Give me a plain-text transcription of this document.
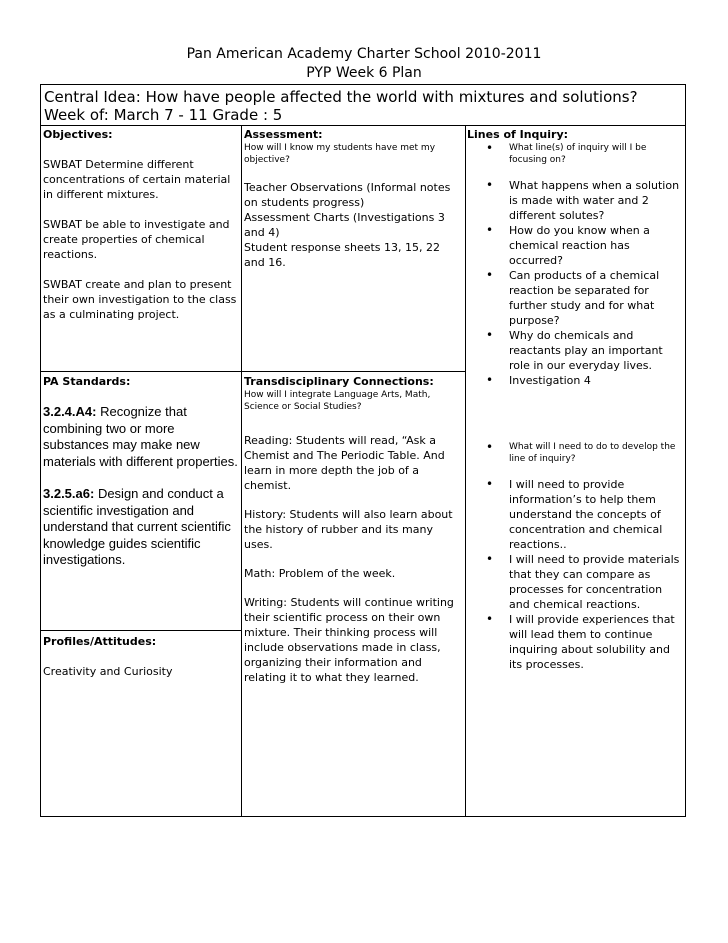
Pan American Academy Charter School 2010-2011
PYP Week 6 Plan
Central Idea: How have people affected the world with mixtures and solutions?
Week of: March 7 - 11 Grade : 5

Objectives:

SWBAT Determine different concentrations of certain material in different mixtures.

SWBAT be able to investigate and create properties of chemical reactions.

SWBAT create and plan to present their own investigation to the class as a culminating project.

Assessment:

How will I know my students have met my objective?

Teacher Observations (Informal notes on students progress)

Assessment Charts (Investigations 3 and 4)

Student response sheets 13, 15, 22 and 16.

Lines of Inquiry:

• What line(s) of inquiry will I be focusing on?
• What happens when a solution is made with water and 2 different solutes?
• How do you know when a chemical reaction has occurred?
• Can products of a chemical reaction be separated for further study and for what purpose?
• Why do chemicals and reactants play an important role in our everyday lives.
• Investigation 4
• What will I need to do to develop the line of inquiry?
• I will need to provide information’s to help them understand the concepts of concentration and chemical reactions..
• I will need to provide materials that they can compare as processes for concentration and chemical reactions.
• I will provide experiences that will lead them to continue inquiring about solubility and its processes.

PA Standards:

3.2.4.A4: Recognize that combining two or more substances may make new materials with different properties.

3.2.5.a6: Design and conduct a scientific investigation and understand that current scientific knowledge guides scientific investigations.

Transdisciplinary Connections:

How will I integrate Language Arts, Math, Science or Social Studies?

Reading: Students will read, “Ask a Chemist and The Periodic Table. And learn in more depth the job of a chemist.

History: Students will also learn about the history of rubber and its many uses.

Math: Problem of the week.

Writing: Students will continue writing their scientific process on their own mixture. Their thinking process will include observations made in class, organizing their information and relating it to what they learned.

Profiles/Attitudes:

Creativity and Curiosity
